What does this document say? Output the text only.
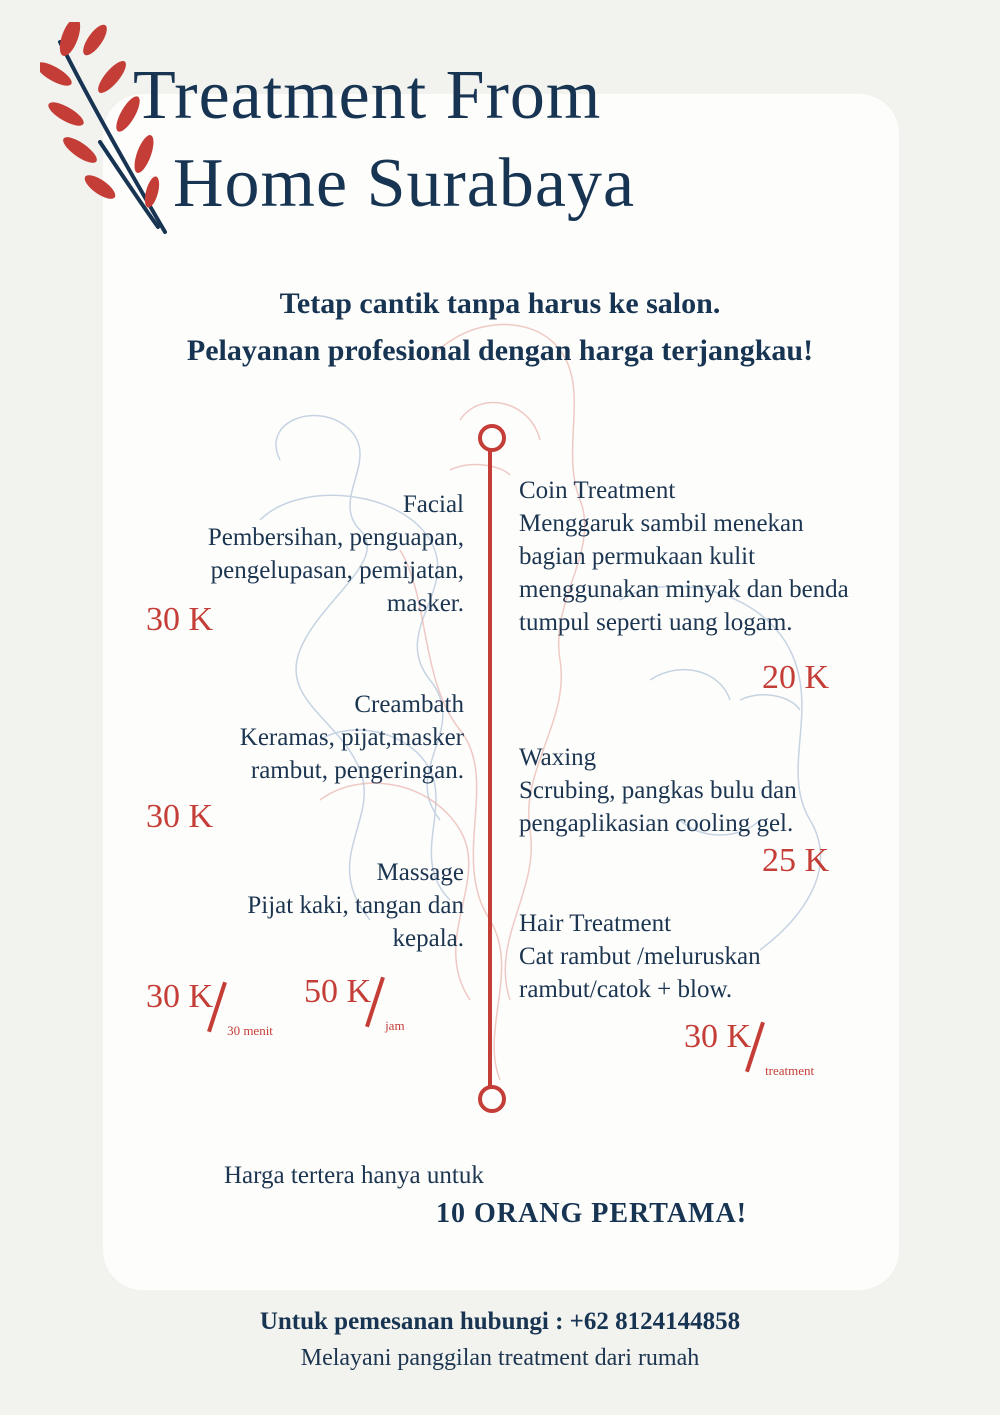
Treatment From
Home Surabaya
Tetap cantik tanpa harus ke salon.
Pelayanan profesional dengan harga terjangkau!
Facial
Pembersihan, penguapan, pengelupasan, pemijatan, masker.
30 K
Creambath
Keramas, pijat,masker rambut, pengeringan.
30 K
Massage
Pijat kaki, tangan dan kepala.
30 $K_{30 menit}$
50 $K_{jam}$
Coin Treatment
Menggaruk sambil menekan bagian permukaan kulit menggunakan minyak dan benda tumpul seperti uang logam.
20 K
Waxing
Scrubing, pangkas bulu dan pengaplikasian cooling gel.
25 K
Hair Treatment
Cat rambut /meluruskan rambut/catok + blow.
30 $K_{treatment}$
Harga tertera hanya untuk
10 ORANG PERTAMA!
Untuk pemesanan hubungi : +62 8124144858
Melayani panggilan treatment dari rumah
